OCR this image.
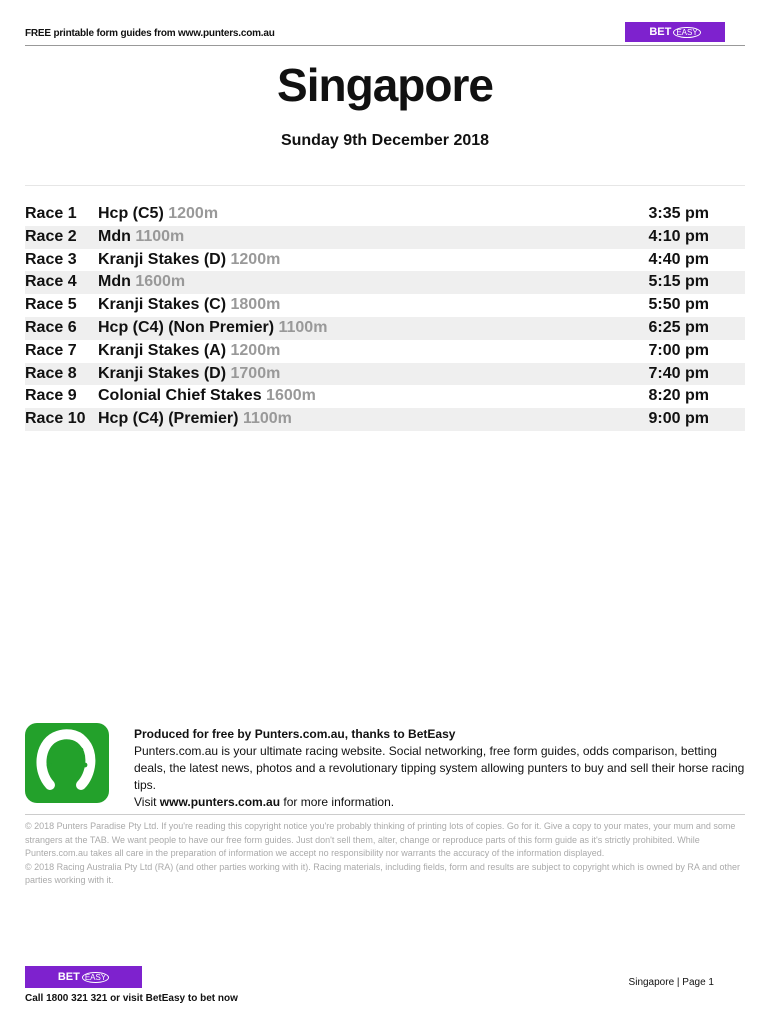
FREE printable form guides from www.punters.com.au	BET EASY
Singapore
Sunday 9th December 2018
Race 1 Hcp (C5) 1200m	3:35 pm
Race 2 Mdn 1100m	4:10 pm
Race 3 Kranji Stakes (D) 1200m	4:40 pm
Race 4 Mdn 1600m	5:15 pm
Race 5 Kranji Stakes (C) 1800m	5:50 pm
Race 6 Hcp (C4) (Non Premier) 1100m	6:25 pm
Race 7 Kranji Stakes (A) 1200m	7:00 pm
Race 8 Kranji Stakes (D) 1700m	7:40 pm
Race 9 Colonial Chief Stakes 1600m	8:20 pm
Race 10 Hcp (C4) (Premier) 1100m	9:00 pm
Produced for free by Punters.com.au, thanks to BetEasy
Punters.com.au is your ultimate racing website. Social networking, free form guides, odds comparison, betting deals, the latest news, photos and a revolutionary tipping system allowing punters to buy and sell their horse racing tips.
Visit www.punters.com.au for more information.

© 2018 Punters Paradise Pty Ltd. If you're reading this copyright notice you're probably thinking of printing lots of copies. Go for it. Give a copy to your mates, your mum and some strangers at the TAB. We want people to have our free form guides. Just don't sell them, alter, change or reproduce parts of this form guide as it's strictly prohibited. While Punters.com.au takes all care in the preparation of information we accept no responsibility nor warrants the accuracy of the information displayed.

© 2018 Racing Australia Pty Ltd (RA) (and other parties working with it). Racing materials, including fields, form and results are subject to copyright which is owned by RA and other parties working with it.

BET EASY
Call 1800 321 321 or visit BetEasy to bet now
Singapore | Page 1
